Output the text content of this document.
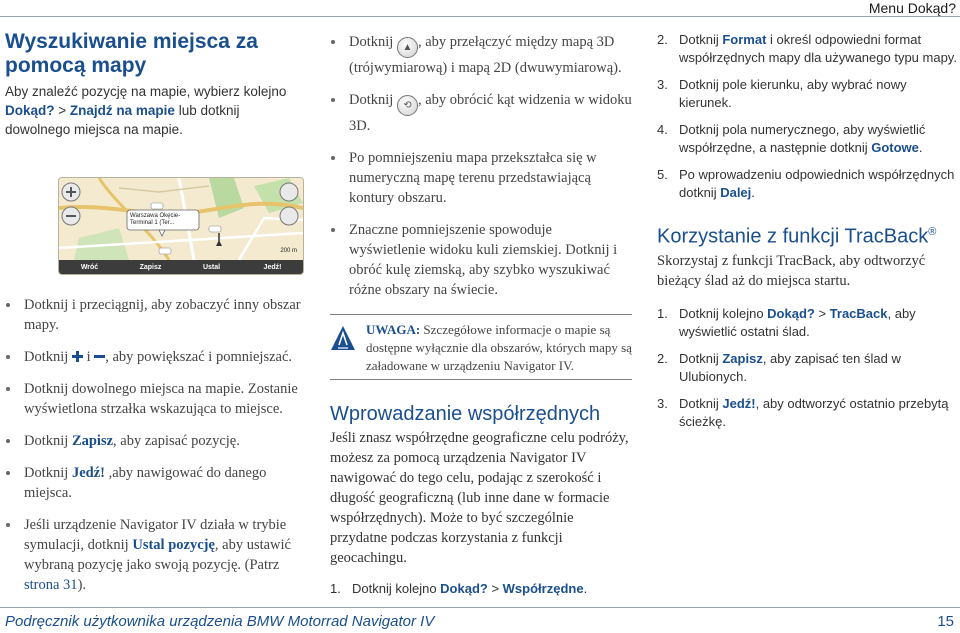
Menu Dokąd?
Wyszukiwanie miejsca za pomocą mapy

Aby znaleźć pozycję na mapie, wybierz kolejno Dokąd? > Znajdź na mapie lub dotknij dowolnego miejsca na mapie.

Warszawa Okęcie-Terminal 1 (Ter...
200 m
Wróć	Zapisz	Ustal	Jedź!
Dotknij i przeciągnij, aby zobaczyć inny obszar mapy.
Dotknij  i , aby powiększać i pomniejszać.
Dotknij dowolnego miejsca na mapie. Zostanie wyświetlona strzałka wskazująca to miejsce.
Dotknij Zapisz, aby zapisać pozycję.
Dotknij Jedź! ,aby nawigować do danego miejsca.
Jeśli urządzenie Navigator IV działa w trybie symulacji, dotknij Ustal pozycję, aby ustawić wybraną pozycję jako swoją pozycję. (Patrz strona 31).
Dotknij ▲ , aby przełączyć między mapą 3D (trójwymiarową) i mapą 2D (dwuwymiarową).
Dotknij ⟲ , aby obrócić kąt widzenia w widoku 3D.
Po pomniejszeniu mapa przekształca się w numeryczną mapę terenu przedstawiającą kontury obszaru.
Znaczne pomniejszenie spowoduje wyświetlenie widoku kuli ziemskiej. Dotknij i obróć kulę ziemską, aby szybko wyszukiwać różne obszary na świecie.

UWAGA: Szczegółowe informacje o mapie są dostępne wyłącznie dla obszarów, których mapy są załadowane w urządzeniu Navigator IV.

Wprowadzanie współrzędnych

Jeśli znasz współrzędne geograficzne celu podróży, możesz za pomocą urządzenia Navigator IV nawigować do tego celu, podając z szerokość i długość geograficzną (lub inne dane w formacie współrzędnych). Może to być szczególnie przydatne podczas korzystania z funkcji geocachingu.

1. Dotknij kolejno Dokąd? > Współrzędne.
2. Dotknij Format i określ odpowiedni format współrzędnych mapy dla używanego typu mapy.
3. Dotknij pole kierunku, aby wybrać nowy kierunek.
4. Dotknij pola numerycznego, aby wyświetlić współrzędne, a następnie dotknij Gotowe.
5. Po wprowadzeniu odpowiednich współrzędnych dotknij Dalej.
Korzystanie z funkcji TracBack®

Skorzystaj z funkcji TracBack, aby odtworzyć bieżący ślad aż do miejsca startu.

1. Dotknij kolejno Dokąd? > TracBack, aby wyświetlić ostatni ślad.
2. Dotknij Zapisz, aby zapisać ten ślad w Ulubionych.
3. Dotknij Jedź!, aby odtworzyć ostatnio przebytą ścieżkę.
Podręcznik użytkownika urządzenia BMW Motorrad Navigator IV	15
